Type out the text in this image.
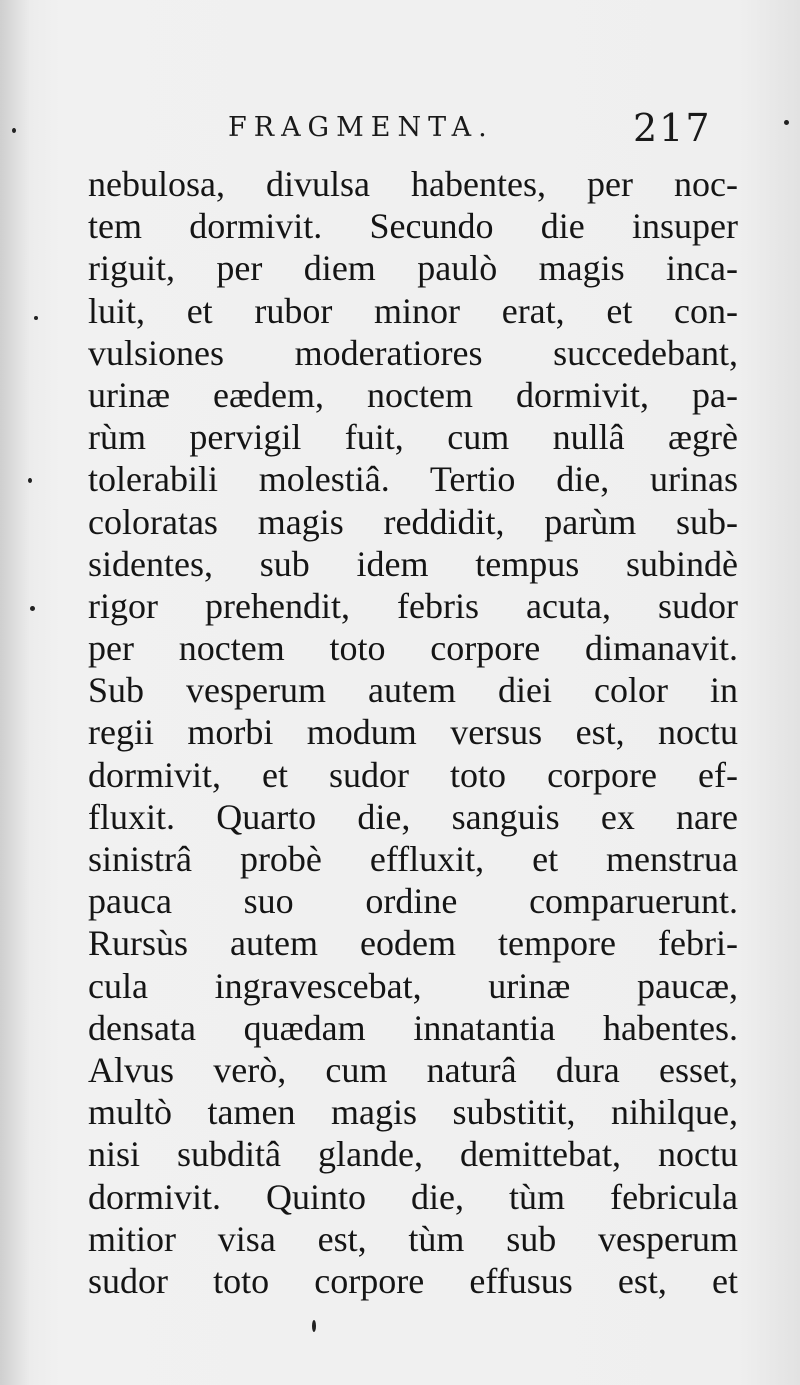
FRAGMENTA.	217
nebulosa, divulsa habentes, per noc-
tem dormivit. Secundo die insuper
riguit, per diem paulò magis inca-
luit, et rubor minor erat, et con-
vulsiones moderatiores succedebant,
urinæ eædem, noctem dormivit, pa-
rùm pervigil fuit, cum nullâ ægrè
tolerabili molestiâ. Tertio die, urinas
coloratas magis reddidit, parùm sub-
sidentes, sub idem tempus subindè
rigor prehendit, febris acuta, sudor
per noctem toto corpore dimanavit.
Sub vesperum autem diei color in
regii morbi modum versus est, noctu
dormivit, et sudor toto corpore ef-
fluxit. Quarto die, sanguis ex nare
sinistrâ probè effluxit, et menstrua
pauca suo ordine comparuerunt.
Rursùs autem eodem tempore febri-
cula ingravescebat, urinæ paucæ,
densata quædam innatantia habentes.
Alvus verò, cum naturâ dura esset,
multò tamen magis substitit, nihilque,
nisi subditâ glande, demittebat, noctu
dormivit. Quinto die, tùm febricula
mitior visa est, tùm sub vesperum
sudor toto corpore effusus est, et
